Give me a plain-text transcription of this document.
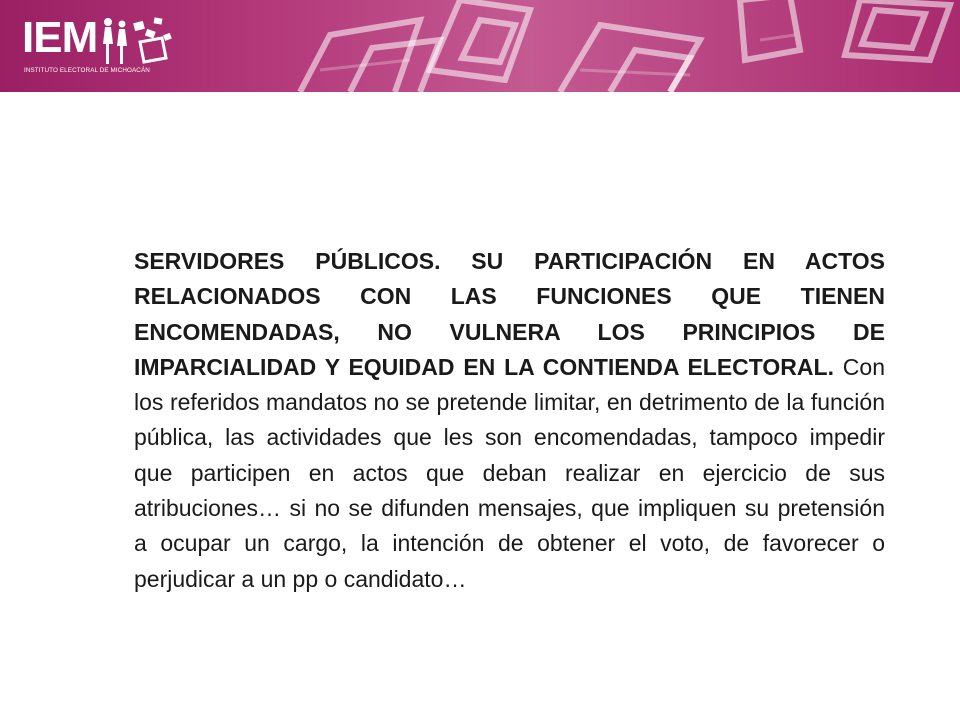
IEM
INSTITUTO ELECTORAL DE MICHOACÁN

SERVIDORES PÚBLICOS. SU PARTICIPACIÓN EN ACTOS RELACIONADOS CON LAS FUNCIONES QUE TIENEN ENCOMENDADAS, NO VULNERA LOS PRINCIPIOS DE IMPARCIALIDAD Y EQUIDAD EN LA CONTIENDA ELECTORAL. Con los referidos mandatos no se pretende limitar, en detrimento de la función pública, las actividades que les son encomendadas, tampoco impedir que participen en actos que deban realizar en ejercicio de sus atribuciones… si no se difunden mensajes, que impliquen su pretensión a ocupar un cargo, la intención de obtener el voto, de favorecer o perjudicar a un pp o candidato…
